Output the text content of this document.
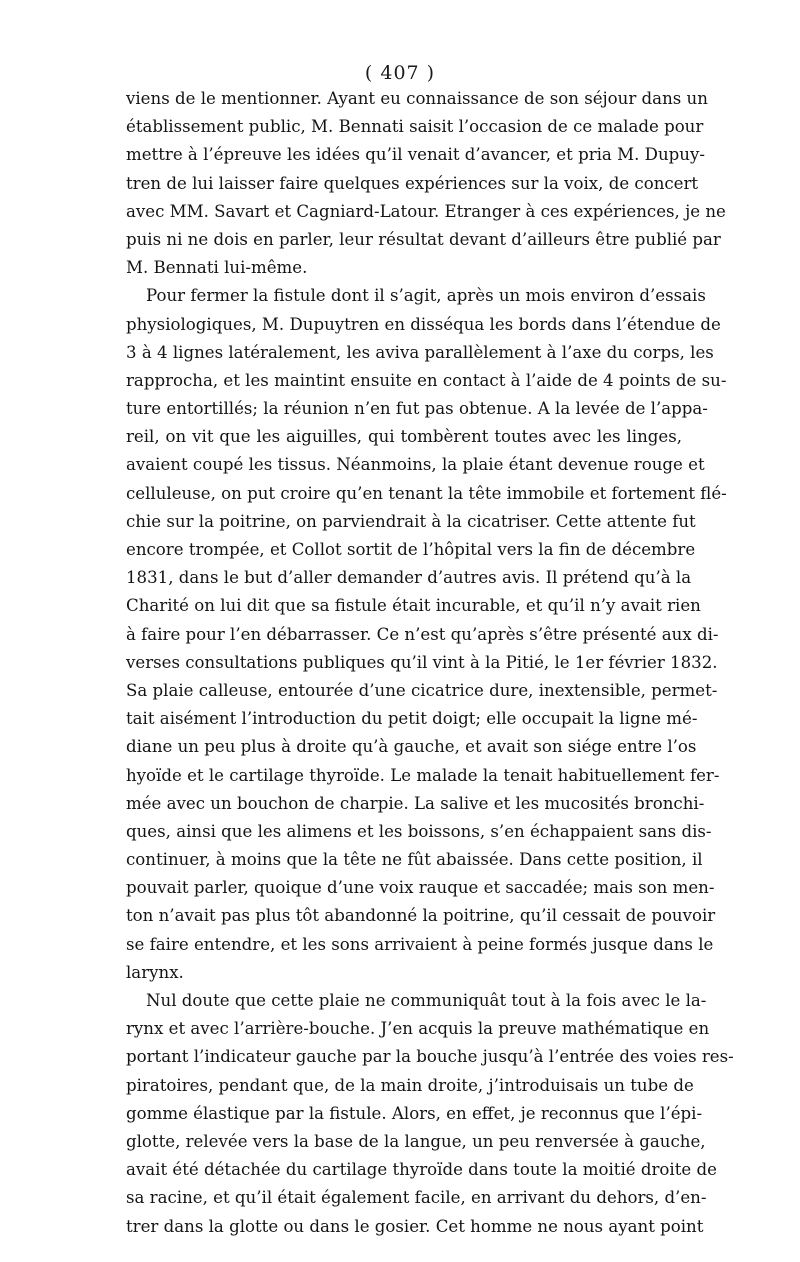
( 407 )
viens de le mentionner. Ayant eu connaissance de son séjour dans un
établissement public, M. Bennati saisit l’occasion de ce malade pour
mettre à l’épreuve les idées qu’il venait d’avancer, et pria M. Dupuy-
tren de lui laisser faire quelques expériences sur la voix, de concert
avec MM. Savart et Cagniard-Latour. Etranger à ces expériences, je ne
puis ni ne dois en parler, leur résultat devant d’ailleurs être publié par
M. Bennati lui-même.
Pour fermer la fistule dont il s’agit, après un mois environ d’essais
physiologiques, M. Dupuytren en disséqua les bords dans l’étendue de
3 à 4 lignes latéralement, les aviva parallèlement à l’axe du corps, les
rapprocha, et les maintint ensuite en contact à l’aide de 4 points de su-
ture entortillés; la réunion n’en fut pas obtenue. A la levée de l’appa-
reil, on vit que les aiguilles, qui tombèrent toutes avec les linges,
avaient coupé les tissus. Néanmoins, la plaie étant devenue rouge et
celluleuse, on put croire qu’en tenant la tête immobile et fortement flé-
chie sur la poitrine, on parviendrait à la cicatriser. Cette attente fut
encore trompée, et Collot sortit de l’hôpital vers la fin de décembre
1831, dans le but d’aller demander d’autres avis. Il prétend qu’à la
Charité on lui dit que sa fistule était incurable, et qu’il n’y avait rien
à faire pour l’en débarrasser. Ce n’est qu’après s’être présenté aux di-
verses consultations publiques qu’il vint à la Pitié, le 1er février 1832.
Sa plaie calleuse, entourée d’une cicatrice dure, inextensible, permet-
tait aisément l’introduction du petit doigt; elle occupait la ligne mé-
diane un peu plus à droite qu’à gauche, et avait son siége entre l’os
hyoïde et le cartilage thyroïde. Le malade la tenait habituellement fer-
mée avec un bouchon de charpie. La salive et les mucosités bronchi-
ques, ainsi que les alimens et les boissons, s’en échappaient sans dis-
continuer, à moins que la tête ne fût abaissée. Dans cette position, il
pouvait parler, quoique d’une voix rauque et saccadée; mais son men-
ton n’avait pas plus tôt abandonné la poitrine, qu’il cessait de pouvoir
se faire entendre, et les sons arrivaient à peine formés jusque dans le
larynx.
Nul doute que cette plaie ne communiquât tout à la fois avec le la-
rynx et avec l’arrière-bouche. J’en acquis la preuve mathématique en
portant l’indicateur gauche par la bouche jusqu’à l’entrée des voies res-
piratoires, pendant que, de la main droite, j’introduisais un tube de
gomme élastique par la fistule. Alors, en effet, je reconnus que l’épi-
glotte, relevée vers la base de la langue, un peu renversée à gauche,
avait été détachée du cartilage thyroïde dans toute la moitié droite de
sa racine, et qu’il était également facile, en arrivant du dehors, d’en-
trer dans la glotte ou dans le gosier. Cet homme ne nous ayant point
